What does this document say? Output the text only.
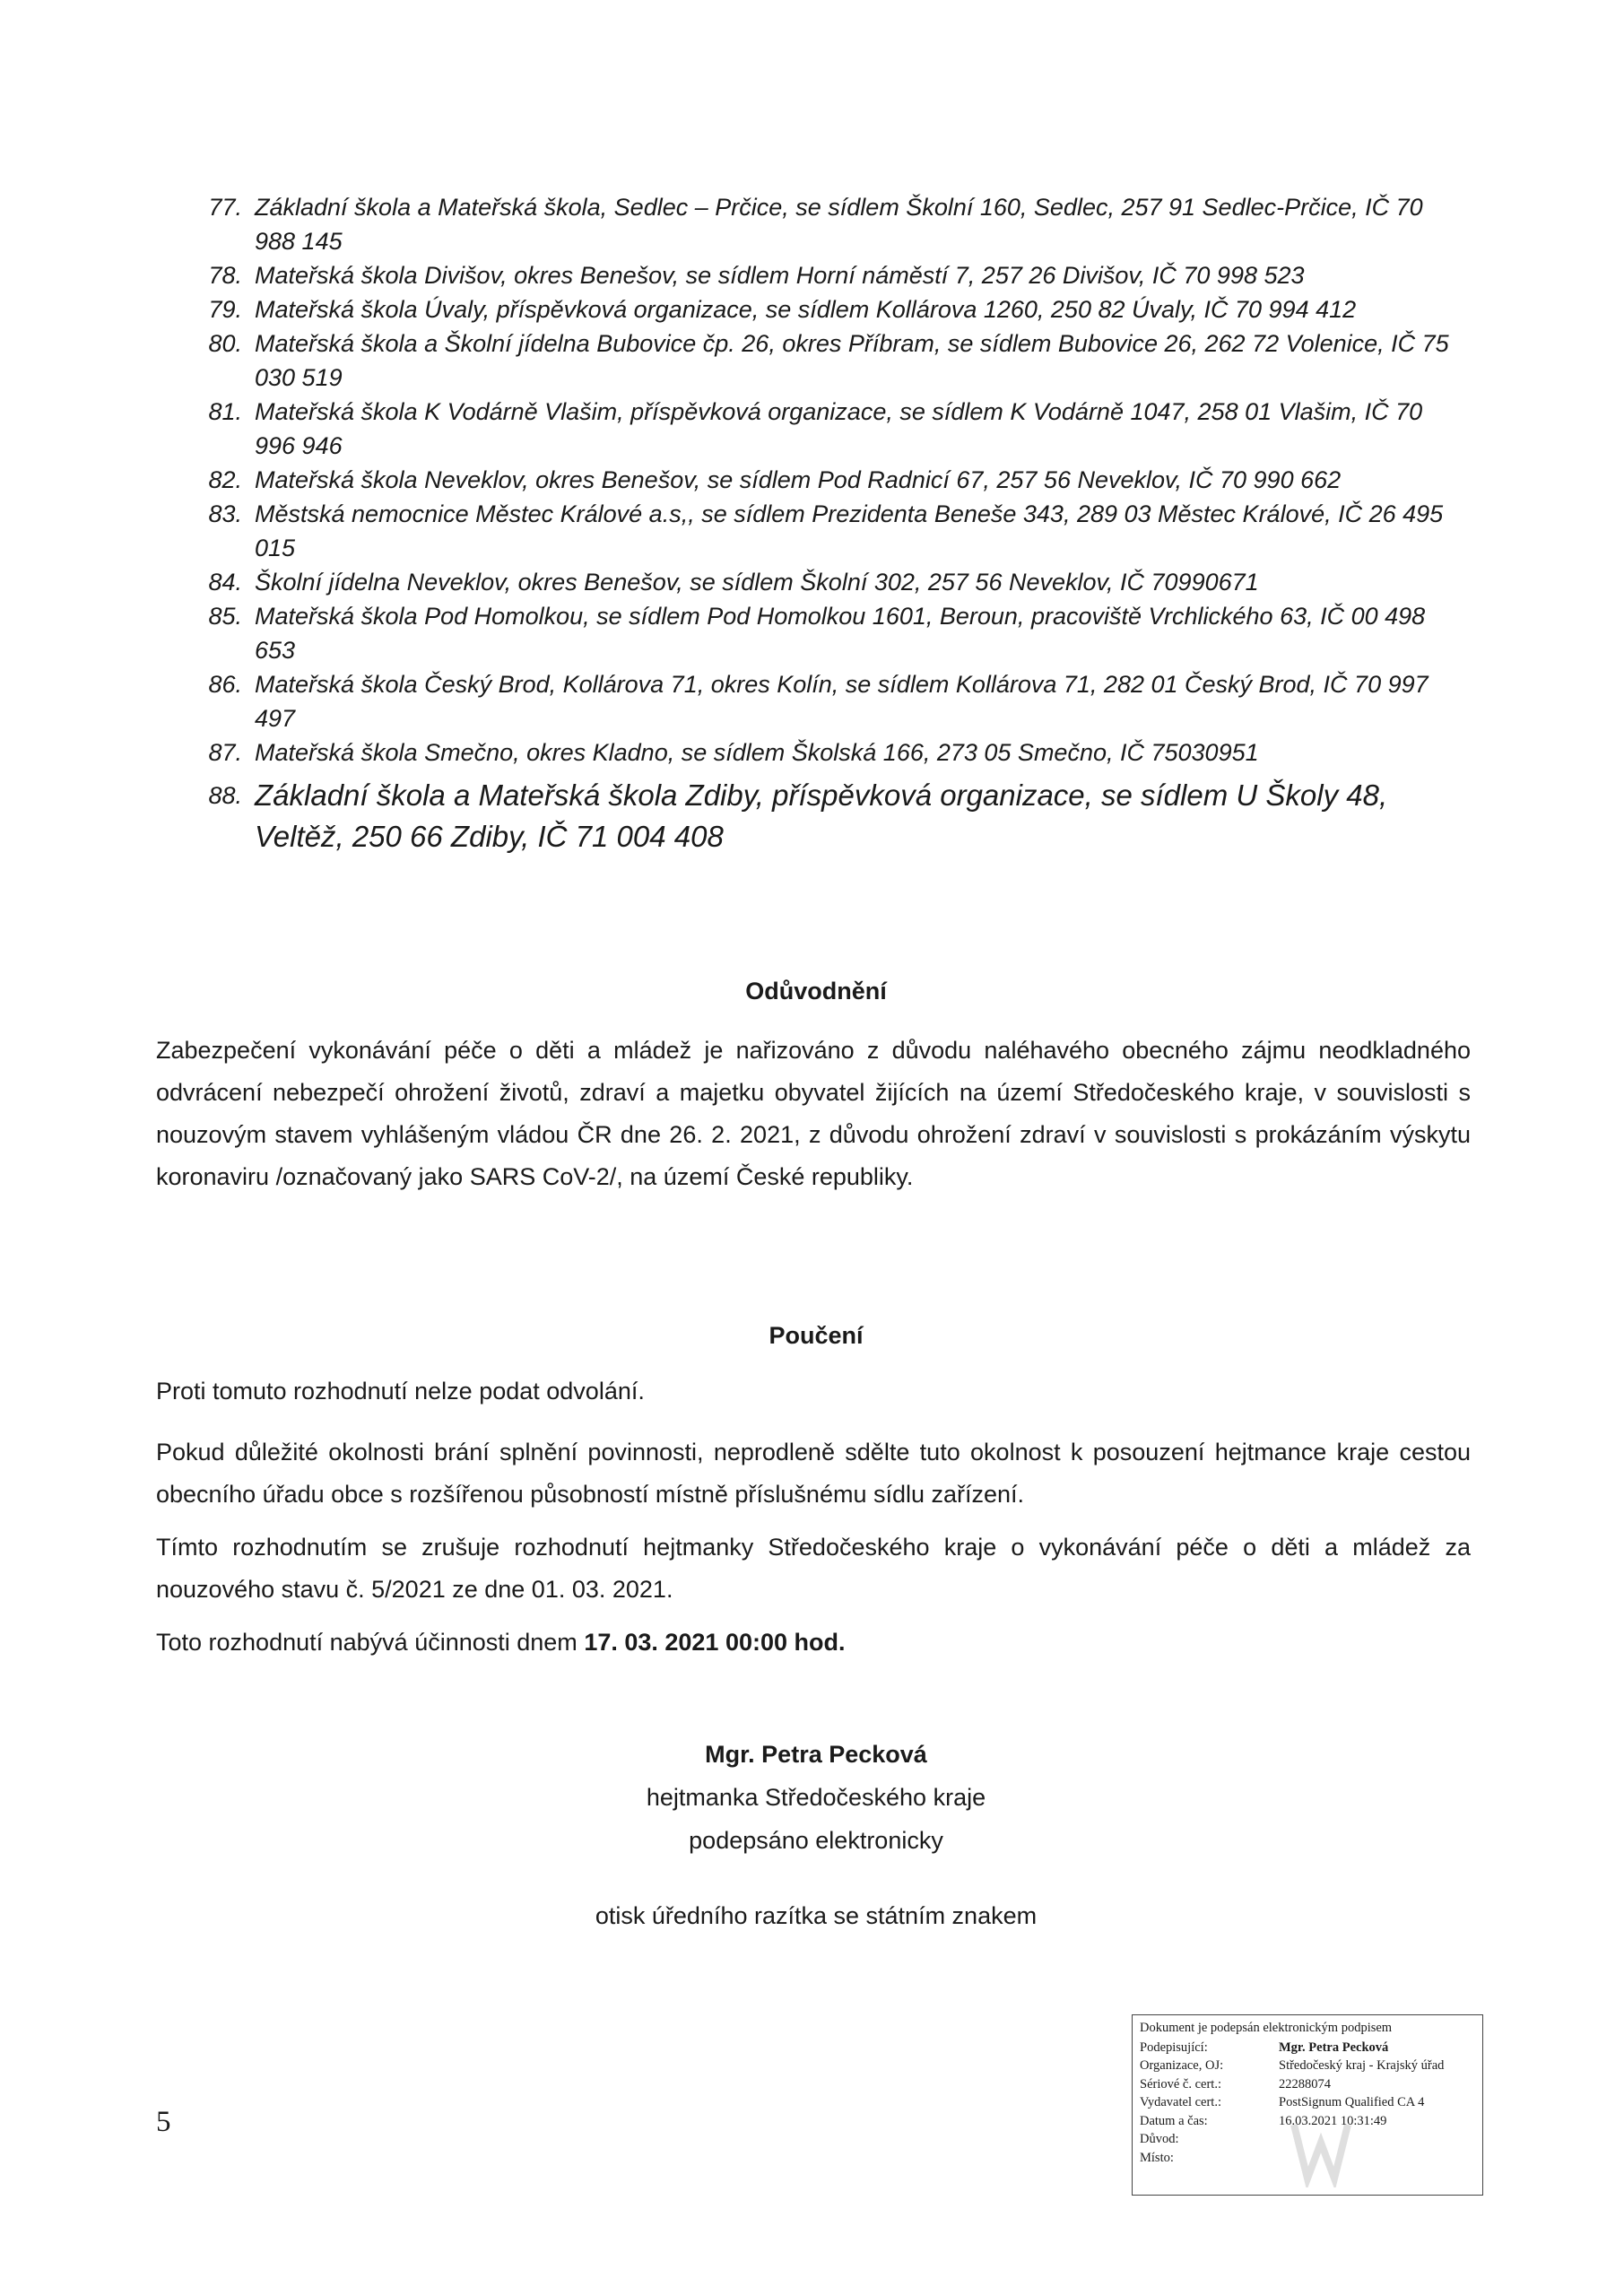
77. Základní škola a Mateřská škola, Sedlec – Prčice, se sídlem Školní 160, Sedlec, 257 91 Sedlec-Prčice, IČ 70 988 145
78. Mateřská škola Divišov, okres Benešov, se sídlem Horní náměstí 7, 257 26 Divišov, IČ 70 998 523
79. Mateřská škola Úvaly, příspěvková organizace, se sídlem Kollárova 1260, 250 82 Úvaly, IČ 70 994 412
80. Mateřská škola a Školní jídelna Bubovice čp. 26, okres Příbram, se sídlem Bubovice 26, 262 72 Volenice, IČ 75 030 519
81. Mateřská škola K Vodárně Vlašim, příspěvková organizace, se sídlem K Vodárně 1047, 258 01 Vlašim, IČ 70 996 946
82. Mateřská škola Neveklov, okres Benešov, se sídlem Pod Radnicí 67, 257 56 Neveklov, IČ 70 990 662
83. Městská nemocnice Městec Králové a.s,, se sídlem Prezidenta Beneše 343, 289 03 Městec Králové, IČ 26 495 015
84. Školní jídelna Neveklov, okres Benešov, se sídlem Školní 302, 257 56 Neveklov, IČ 70990671
85. Mateřská škola Pod Homolkou, se sídlem Pod Homolkou 1601, Beroun, pracoviště Vrchlického 63, IČ 00 498 653
86. Mateřská škola Český Brod, Kollárova 71, okres Kolín, se sídlem Kollárova 71, 282 01 Český Brod, IČ 70 997 497
87. Mateřská škola Smečno, okres Kladno, se sídlem Školská 166, 273 05 Smečno, IČ 75030951
88. Základní škola a Mateřská škola Zdiby, příspěvková organizace, se sídlem U Školy 48, Veltěž, 250 66 Zdiby, IČ 71 004 408
Odůvodnění

Zabezpečení vykonávání péče o děti a mládež je nařizováno z důvodu naléhavého obecného zájmu neodkladného odvrácení nebezpečí ohrožení životů, zdraví a majetku obyvatel žijících na území Středočeského kraje, v souvislosti s nouzovým stavem vyhlášeným vládou ČR dne 26. 2. 2021, z důvodu ohrožení zdraví v souvislosti s prokázáním výskytu koronaviru /označovaný jako SARS CoV-2/, na území České republiky.

Poučení

Proti tomuto rozhodnutí nelze podat odvolání.

Pokud důležité okolnosti brání splnění povinnosti, neprodleně sdělte tuto okolnost k posouzení hejtmance kraje cestou obecního úřadu obce s rozšířenou působností místně příslušnému sídlu zařízení.

Tímto rozhodnutím se zrušuje rozhodnutí hejtmanky Středočeského kraje o vykonávání péče o děti a mládež za nouzového stavu č. 5/2021 ze dne 01. 03. 2021.

Toto rozhodnutí nabývá účinnosti dnem 17. 03. 2021 00:00 hod.

Mgr. Petra Pecková
hejtmanka Středočeského kraje
podepsáno elektronicky
otisk úředního razítka se státním znakem
5
Dokument je podepsán elektronickým podpisem
Podepisující:	Mgr. Petra Pecková
Organizace, OJ:	Středočeský kraj - Krajský úřad
Sériové č. cert.:	22288074
Vydavatel cert.:	PostSignum Qualified CA 4
Datum a čas:	16.03.2021 10:31:49
Důvod:
Místo:
